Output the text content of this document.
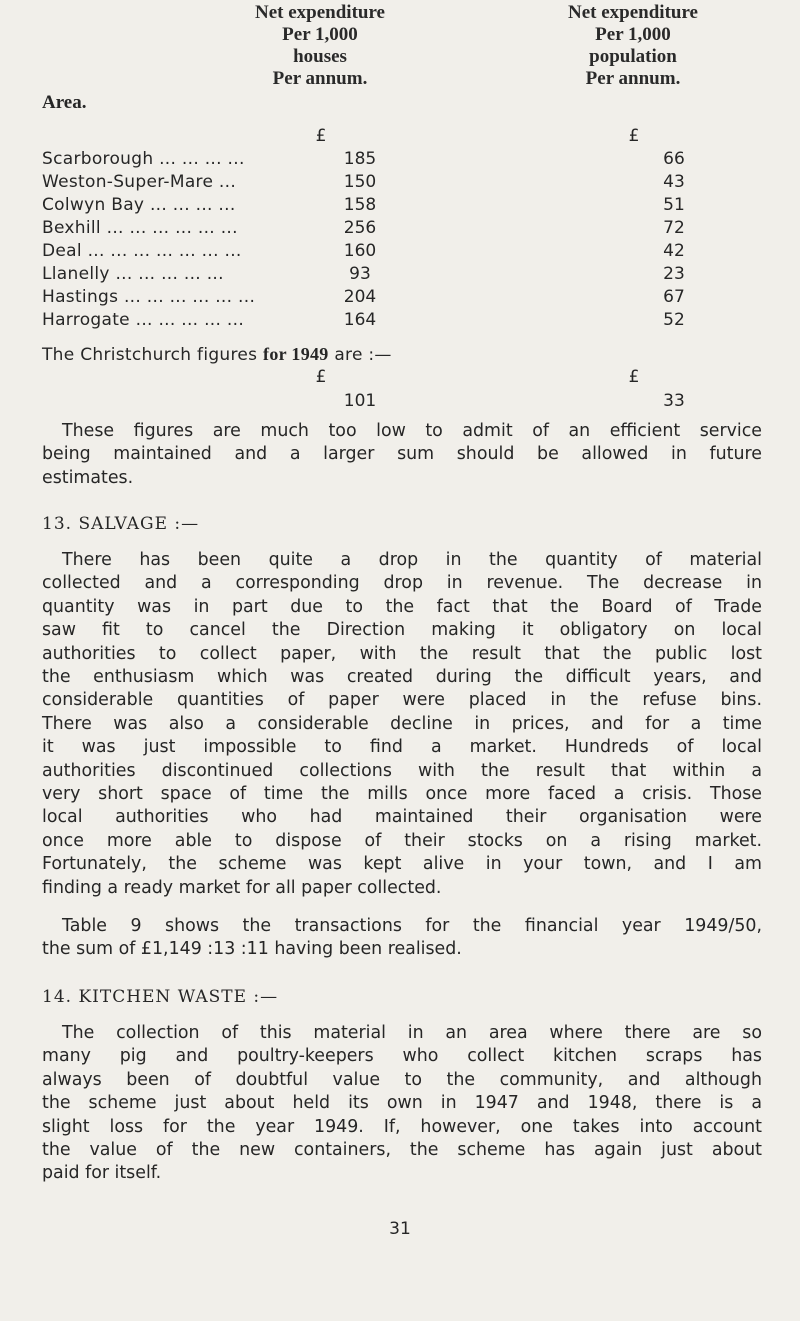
Net expenditure
Per 1,000
houses
Per annum.
Net expenditure
Per 1,000
population
Per annum.
Area.
£	£
Scarborough ... ... ... ...	185	66
Weston-Super-Mare ...	150	43
Colwyn Bay ... ... ... ...	158	51
Bexhill ... ... ... ... ... ...	256	72
Deal ... ... ... ... ... ... ...	160	42
Llanelly ... ... ... ... ...	93	23
Hastings ... ... ... ... ... ...	204	67
Harrogate ... ... ... ... ...	164	52
The Christchurch figures for 1949 are :—
£	£
101	33
These figures are much too low to admit of an efficient service
being maintained and a larger sum should be allowed in future
estimates.
13. SALVAGE :—
There has been quite a drop in the quantity of material
collected and a corresponding drop in revenue. The decrease in
quantity was in part due to the fact that the Board of Trade
saw fit to cancel the Direction making it obligatory on local
authorities to collect paper, with the result that the public lost
the enthusiasm which was created during the difficult years, and
considerable quantities of paper were placed in the refuse bins.
There was also a considerable decline in prices, and for a time
it was just impossible to find a market. Hundreds of local
authorities discontinued collections with the result that within a
very short space of time the mills once more faced a crisis. Those
local authorities who had maintained their organisation were
once more able to dispose of their stocks on a rising market.
Fortunately, the scheme was kept alive in your town, and I am
finding a ready market for all paper collected.
Table 9 shows the transactions for the financial year 1949/50,
the sum of £1,149 :13 :11 having been realised.
14. KITCHEN WASTE :—
The collection of this material in an area where there are so
many pig and poultry-keepers who collect kitchen scraps has
always been of doubtful value to the community, and although
the scheme just about held its own in 1947 and 1948, there is a
slight loss for the year 1949. If, however, one takes into account
the value of the new containers, the scheme has again just about
paid for itself.
31
